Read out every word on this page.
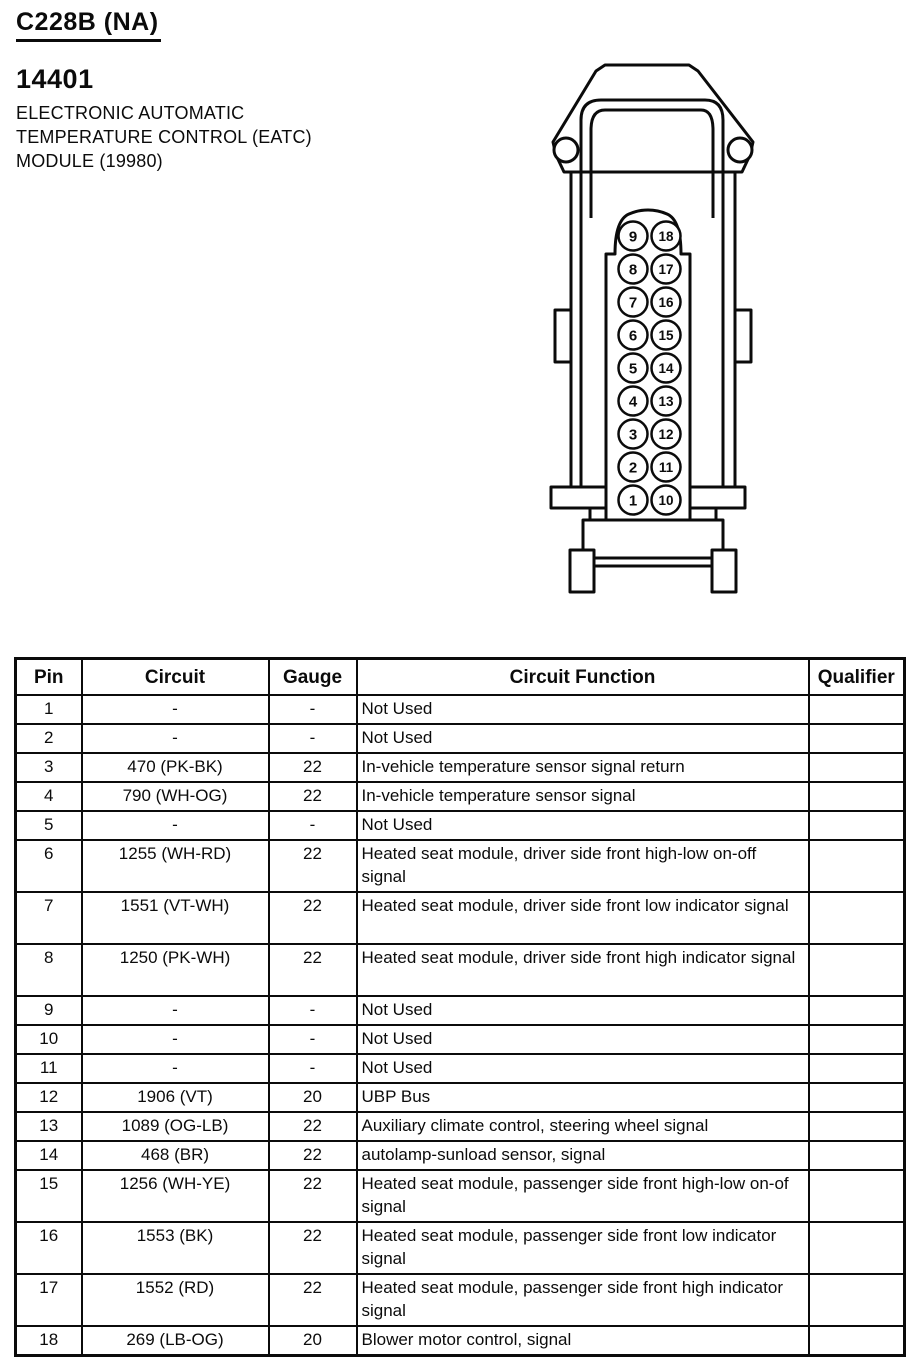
C228B (NA)
14401
ELECTRONIC AUTOMATIC
TEMPERATURE CONTROL (EATC)
MODULE (19980)
9 18
8 17
7 16
6 15
5 14
4 13
3 12
2 11
1 10
Pin	Circuit	Gauge	Circuit Function	Qualifier
1	-	-	Not Used	
2	-	-	Not Used	
3	470 (PK-BK)	22	In-vehicle temperature sensor signal return	
4	790 (WH-OG)	22	In-vehicle temperature sensor signal	
5	-	-	Not Used	
6	1255 (WH-RD)	22	Heated seat module, driver side front high-low on-off signal	
7	1551 (VT-WH)	22	Heated seat module, driver side front low indicator signal	
8	1250 (PK-WH)	22	Heated seat module, driver side front high indicator signal	
9	-	-	Not Used	
10	-	-	Not Used	
11	-	-	Not Used	
12	1906 (VT)	20	UBP Bus	
13	1089 (OG-LB)	22	Auxiliary climate control, steering wheel signal	
14	468 (BR)	22	autolamp-sunload sensor, signal	
15	1256 (WH-YE)	22	Heated seat module, passenger side front high-low on-of signal	
16	1553 (BK)	22	Heated seat module, passenger side front low indicator signal	
17	1552 (RD)	22	Heated seat module, passenger side front high indicator signal	
18	269 (LB-OG)	20	Blower motor control, signal	
